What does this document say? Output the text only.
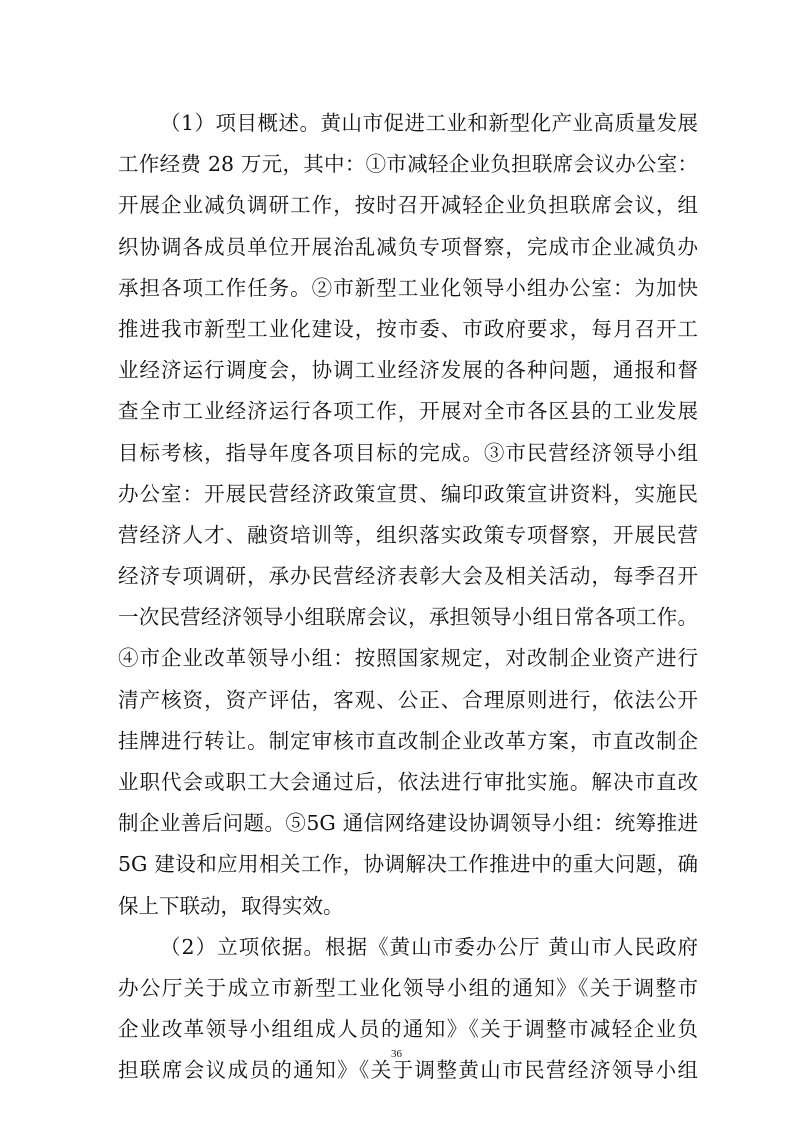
（1）项目概述。黄山市促进工业和新型化产业高质量发展
工作经费 28 万元，其中：①市减轻企业负担联席会议办公室：
开展企业减负调研工作，按时召开减轻企业负担联席会议，组
织协调各成员单位开展治乱减负专项督察，完成市企业减负办
承担各项工作任务。②市新型工业化领导小组办公室：为加快
推进我市新型工业化建设，按市委、市政府要求，每月召开工
业经济运行调度会，协调工业经济发展的各种问题，通报和督
查全市工业经济运行各项工作，开展对全市各区县的工业发展
目标考核，指导年度各项目标的完成。③市民营经济领导小组
办公室：开展民营经济政策宣贯、编印政策宣讲资料，实施民
营经济人才、融资培训等，组织落实政策专项督察，开展民营
经济专项调研，承办民营经济表彰大会及相关活动，每季召开
一次民营经济领导小组联席会议，承担领导小组日常各项工作。
④市企业改革领导小组：按照国家规定，对改制企业资产进行
清产核资，资产评估，客观、公正、合理原则进行，依法公开
挂牌进行转让。制定审核市直改制企业改革方案，市直改制企
业职代会或职工大会通过后，依法进行审批实施。解决市直改
制企业善后问题。⑤5G 通信网络建设协调领导小组：统筹推进
5G 建设和应用相关工作，协调解决工作推进中的重大问题，确
保上下联动，取得实效。
（2）立项依据。根据《黄山市委办公厅 黄山市人民政府
办公厅关于成立市新型工业化领导小组的通知》《关于调整市
企业改革领导小组组成人员的通知》《关于调整市减轻企业负
担联席会议成员的通知》《关于调整黄山市民营经济领导小组
36
